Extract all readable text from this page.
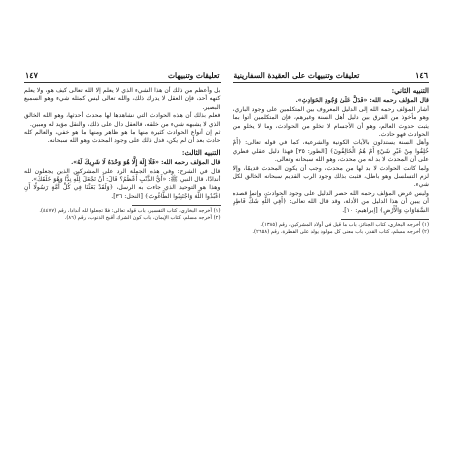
١٤٦
تعليقات وتنبيهات على العقيدة السفارينية
التنبيه الثاني:

قال المؤلف رحمه الله: «فَدَلَّ عَلَىٰ وُجُودِ الحَوَادِثِ».

أشار المؤلف رحمه الله إلى الدليل المعروف بين المتكلمين على وجود الباري، وهو مأخوذ من الفرق بين دليل أهل السنة وغيرهم، فإن المتكلمين أتوا بما يثبت حدوث العالم، وهو أن الأجسام لا تخلو من الحوادث، وما لا يخلو من الحوادث فهو حادث.

وأهل السنة يستدلون بالآيات الكونية والشرعية، كما في قوله تعالى: ﴿أَمْ خُلِقُوا مِنْ غَيْرِ شَيْءٍ أَمْ هُمُ الْخَالِقُونَ﴾ [الطور: ٣٥] فهذا دليل عقلي فطري على أن المحدث لا بد له من محدث، وهو الله سبحانه وتعالى.

ولما كانت الحوادث لا بد لها من محدث، وجب أن يكون المحدث قديمًا، وإلا لزم التسلسل وهو باطل، فثبت بذلك وجود الرب القديم سبحانه الخالق لكل شيء.

وليس غرض المؤلف رحمه الله حصر الدليل على وجود الحوادث، وإنما قصده أن يبين أن هذا الدليل من الأدلة، وقد قال الله تعالى: ﴿أَفِي اللَّهِ شَكٌّ فَاطِرِ السَّمَاوَاتِ وَالْأَرْضِ﴾ [إبراهيم: ١٠].

(١) أخرجه البخاري، كتاب الجنائز، باب ما قيل في أولاد المشركين، رقم (١٣٨٥).

(٢) أخرجه مسلم، كتاب القدر، باب معنى كل مولود يولد على الفطرة، رقم (٢٦٥٨).

تعليقات وتنبيهات
١٤٧

بل وأعظم من ذلك أن هذا الشيء الذي لا يعلم إلا الله تعالى كيف هو، ولا يعلم كنهه أحد، فإن العقل لا يدرك ذلك، والله تعالى ليس كمثله شيء وهو السميع البصير.

فعلم بذلك أن هذه الحوادث التي نشاهدها لها محدث أحدثها، وهو الله الخالق الذي لا يشبهه شيء من خلقه، فالعقل دال على ذلك، والنقل مؤيد له ومبين.

ثم إن أنواع الحوادث كثيرة منها ما هو ظاهر ومنها ما هو خفي، والعالم كله حادث بعد أن لم يكن، فدل ذلك على وجود المحدث وهو الله سبحانه.

التنبيه الثالث:

قال المؤلف رحمه الله: «فَلَا إِلَهَ إِلَّا هُوَ وَحْدَهُ لَا شَرِيكَ لَهُ».

قال في الشرح: وفي هذه الجملة الرد على المشركين الذين يجعلون لله أندادًا، قال النبي ﷺ: «أَيُّ الذَّنْبِ أَعْظَمُ؟ قَالَ: أَنْ تَجْعَلَ لِلَّهِ نِدًّا وَهُوَ خَلَقَكَ».

وهذا هو التوحيد الذي جاءت به الرسل، ﴿وَلَقَدْ بَعَثْنَا فِي كُلِّ أُمَّةٍ رَسُولًا أَنِ اعْبُدُوا اللَّهَ وَاجْتَنِبُوا الطَّاغُوتَ﴾ [النحل: ٣٦].

(١) أخرجه البخاري، كتاب التفسير، باب قوله تعالى: فلا تجعلوا لله أندادا، رقم (٤٤٧٧).

(٢) أخرجه مسلم، كتاب الإيمان، باب كون الشرك أقبح الذنوب، رقم (٨٦).
